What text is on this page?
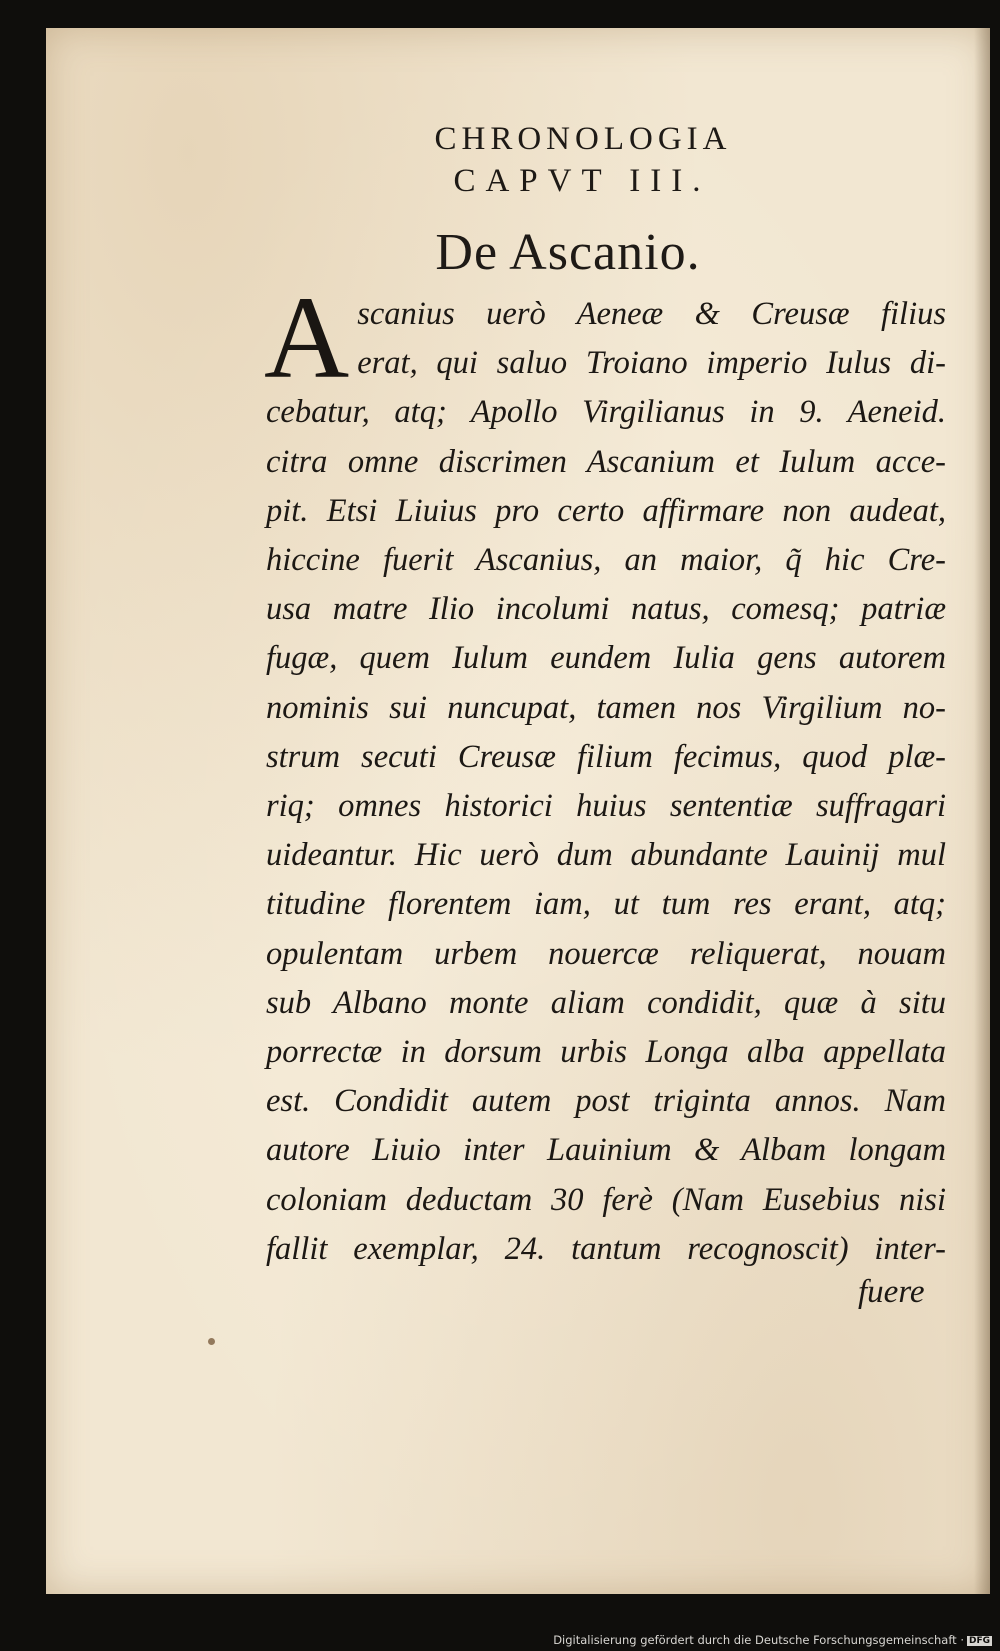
CHRONOLOGIA
CAPVT III.
De Ascanio.
A scanius uerò Aeneæ & Creusæ filius
erat, qui saluo Troiano imperio Iulus di-
cebatur, atq; Apollo Virgilianus in 9. Aeneid.
citra omne discrimen Ascanium et Iulum acce-
pit. Etsi Liuius pro certo affirmare non audeat,
hiccine fuerit Ascanius, an maior, q̃ hic Cre-
usa matre Ilio incolumi natus, comesq; patriæ
fugæ, quem Iulum eundem Iulia gens autorem
nominis sui nuncupat, tamen nos Virgilium no-
strum secuti Creusæ filium fecimus, quod plæ-
riq; omnes historici huius sententiæ suffragari
uideantur. Hic uerò dum abundante Lauinij mul
titudine florentem iam, ut tum res erant, atq;
opulentam urbem nouercæ reliquerat, nouam
sub Albano monte aliam condidit, quæ à situ
porrectæ in dorsum urbis Longa alba appellata
est. Condidit autem post triginta annos. Nam
autore Liuio inter Lauinium & Albam longam
coloniam deductam 30 ferè (Nam Eusebius nisi
fallit exemplar, 24. tantum recognoscit) inter-
fuere
Digitalisierung gefördert durch die Deutsche Forschungsgemeinschaft · DFG
